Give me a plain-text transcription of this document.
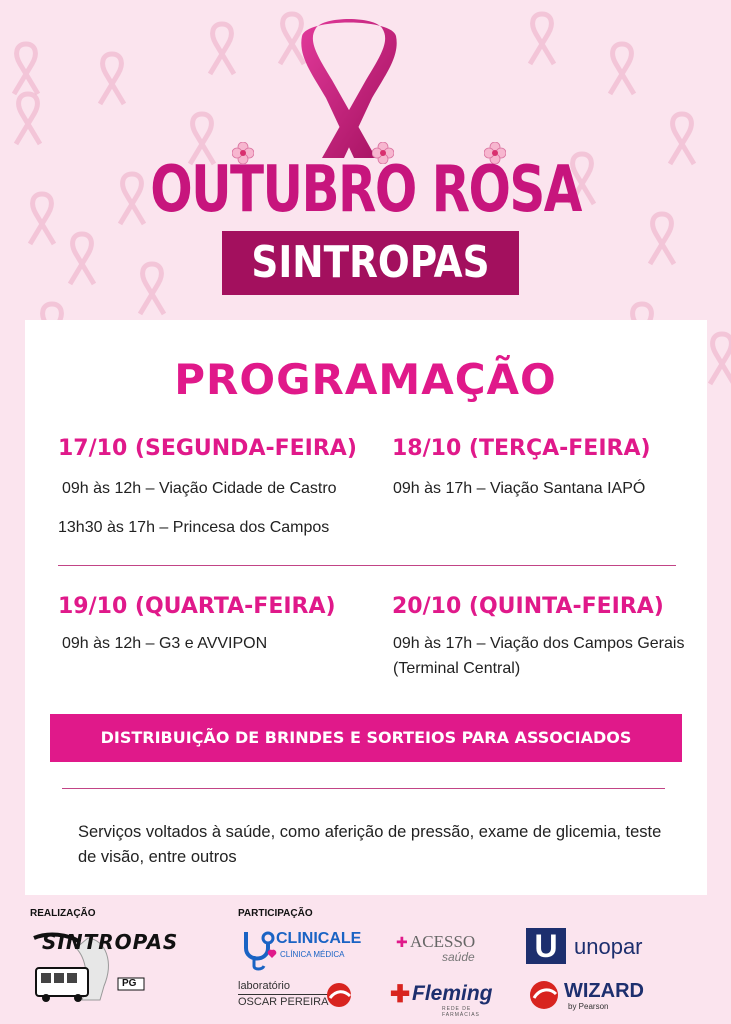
OUTUBRO ROSA
SINTROPAS
PROGRAMAÇÃO
17/10 (SEGUNDA-FEIRA)
09h às 12h – Viação Cidade de Castro
13h30 às 17h – Princesa dos Campos
18/10 (TERÇA-FEIRA)
09h às 17h – Viação Santana IAPÓ
19/10 (QUARTA-FEIRA)
09h às 12h – G3 e AVVIPON
20/10 (QUINTA-FEIRA)
09h às 17h – Viação dos Campos Gerais
(Terminal Central)
DISTRIBUIÇÃO DE BRINDES E SORTEIOS PARA ASSOCIADOS
Serviços voltados à saúde, como aferição de pressão, exame de glicemia, teste de visão, entre outros
REALIZAÇÃO	PARTICIPAÇÃO
SINTROPAS
PG
CLINICALE
CLÍNICA MÉDICA
✚ ACESSO
saúde U unopar
laboratório
OSCAR PEREIRA	✚ Fleming
REDE DE FARMÁCIAS
WIZARD
by Pearson
